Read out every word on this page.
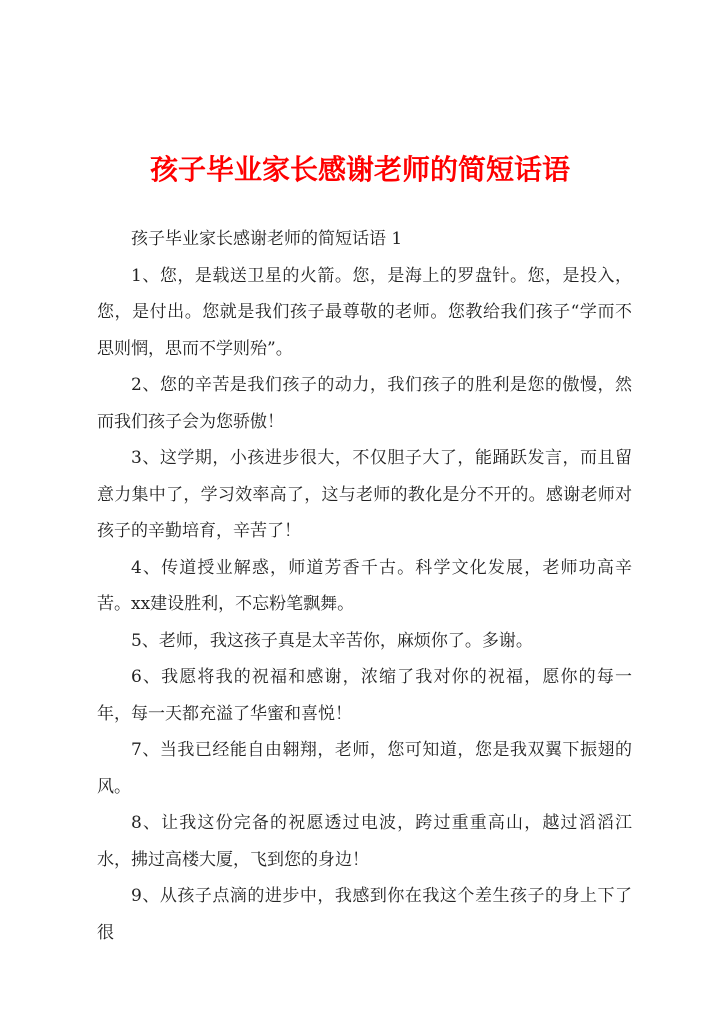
孩子毕业家长感谢老师的简短话语

孩子毕业家长感谢老师的简短话语 1

1、您，是载送卫星的火箭。您，是海上的罗盘针。您，是投入，您，是付出。您就是我们孩子最尊敬的老师。您教给我们孩子“学而不思则惘，思而不学则殆”。

2、您的辛苦是我们孩子的动力，我们孩子的胜利是您的傲慢，然而我们孩子会为您骄傲！

3、这学期，小孩进步很大，不仅胆子大了，能踊跃发言，而且留意力集中了，学习效率高了，这与老师的教化是分不开的。感谢老师对孩子的辛勤培育，辛苦了！

4、传道授业解惑，师道芳香千古。科学文化发展，老师功高辛苦。xx建设胜利，不忘粉笔飘舞。

5、老师，我这孩子真是太辛苦你，麻烦你了。多谢。

6、我愿将我的祝福和感谢，浓缩了我对你的祝福，愿你的每一年，每一天都充溢了华蜜和喜悦！

7、当我已经能自由翱翔，老师，您可知道，您是我双翼下振翅的风。

8、让我这份完备的祝愿透过电波，跨过重重高山，越过滔滔江水，拂过高楼大厦，飞到您的身边！

9、从孩子点滴的进步中，我感到你在我这个差生孩子的身上下了很
